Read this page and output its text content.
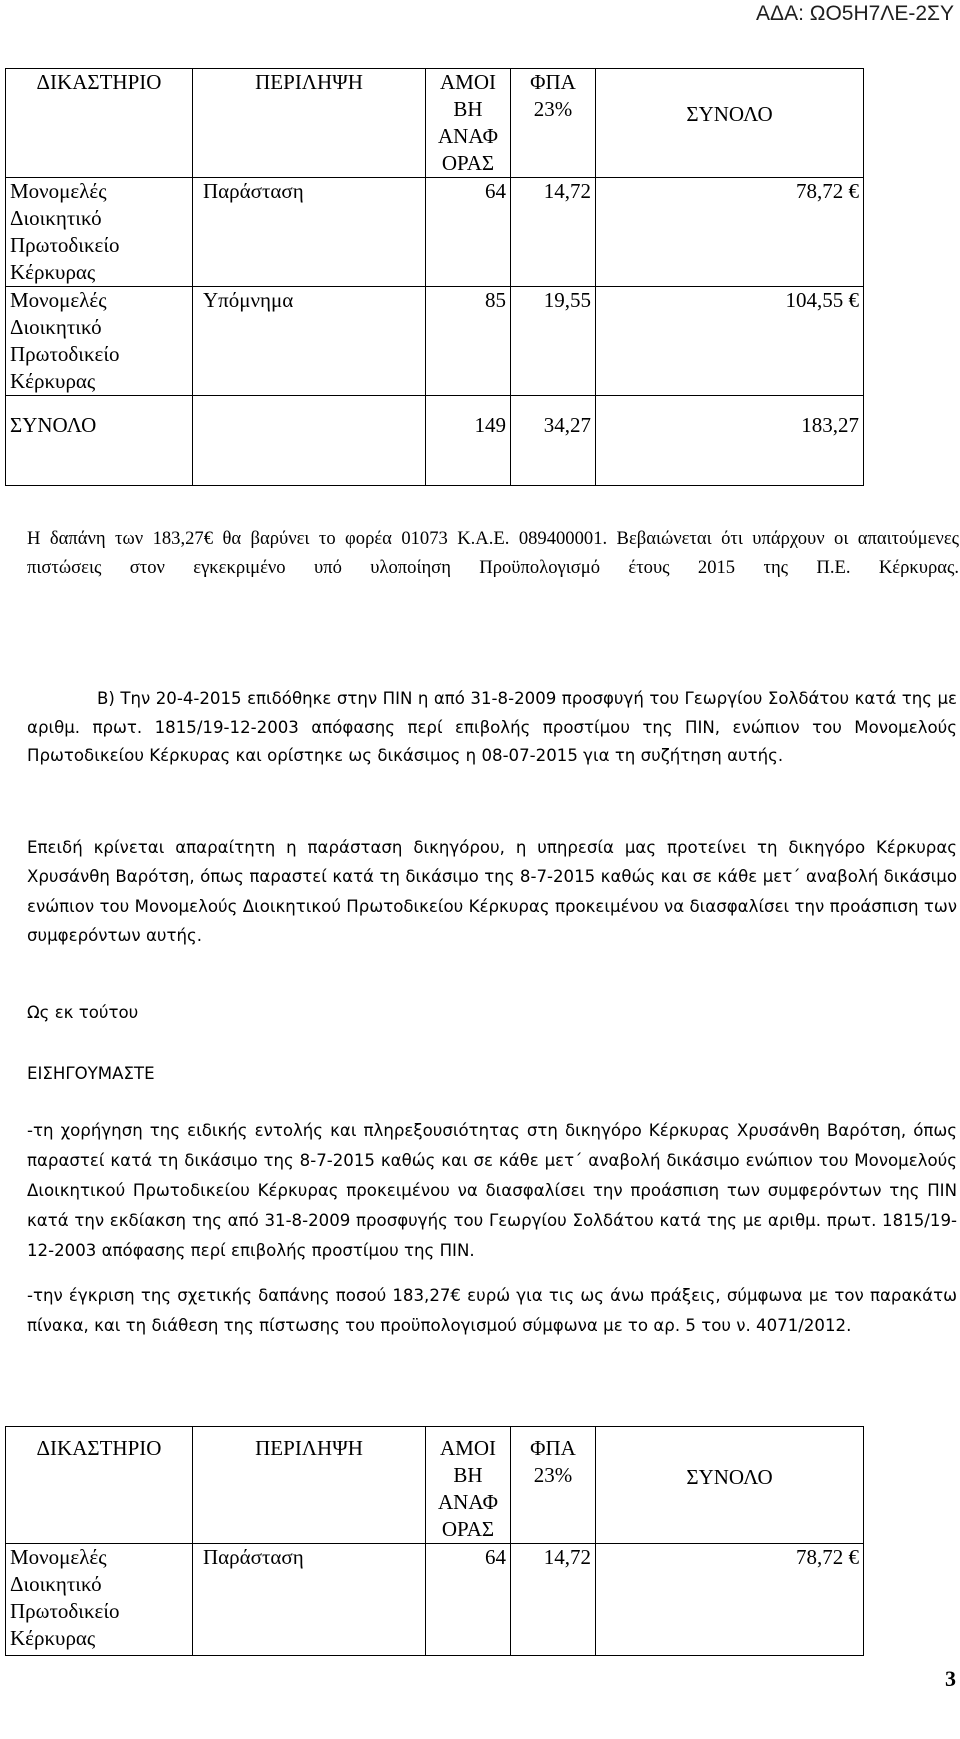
ΑΔΑ: ΩΟ5Η7ΛΕ-2ΣΥ
ΔΙΚΑΣΤΗΡΙΟ	ΠΕΡΙΛΗΨΗ	ΑΜΟΙ ΒΗ ΑΝΑΦ ΟΡΑΣ	ΦΠΑ 23%	ΣΥΝΟΛΟ
Μονομελές Διοικητικό Πρωτοδικείο Κέρκυρας	Παράσταση	64	14,72	78,72 €
Μονομελές Διοικητικό Πρωτοδικείο Κέρκυρας	Υπόμνημα	85	19,55	104,55 €
ΣΥΝΟΛΟ		149	34,27	183,27
Η δαπάνη των 183,27€ θα βαρύνει το φορέα 01073 Κ.Α.Ε. 089400001. Βεβαιώνεται ότι υπάρχουν οι απαιτούμενες πιστώσεις στον εγκεκριμένο υπό υλοποίηση Προϋπολογισμό έτους 2015 της Π.Ε. Κέρκυρας.
Β) Την 20-4-2015 επιδόθηκε στην ΠΙΝ η από 31-8-2009 προσφυγή του Γεωργίου Σολδάτου κατά της με αριθμ. πρωτ. 1815/19-12-2003 απόφασης περί επιβολής προστίμου της ΠΙΝ, ενώπιον του Μονομελούς Πρωτοδικείου Κέρκυρας και ορίστηκε ως δικάσιμος η 08-07-2015 για τη συζήτηση αυτής.
Επειδή κρίνεται απαραίτητη η παράσταση δικηγόρου, η υπηρεσία μας προτείνει τη δικηγόρο Κέρκυρας Χρυσάνθη Βαρότση, όπως παραστεί κατά τη δικάσιμο της 8-7-2015 καθώς και σε κάθε μετ΄ αναβολή δικάσιμο ενώπιον του Μονομελούς Διοικητικού Πρωτοδικείου Κέρκυρας προκειμένου να διασφαλίσει την προάσπιση των συμφερόντων αυτής.
Ως εκ τούτου
ΕΙΣΗΓΟΥΜΑΣΤΕ
-τη χορήγηση της ειδικής εντολής και πληρεξουσιότητας στη δικηγόρο Κέρκυρας Χρυσάνθη Βαρότση, όπως παραστεί κατά τη δικάσιμο της 8-7-2015 καθώς και σε κάθε μετ΄ αναβολή δικάσιμο ενώπιον του Μονομελούς Διοικητικού Πρωτοδικείου Κέρκυρας προκειμένου να διασφαλίσει την προάσπιση των συμφερόντων της ΠΙΝ κατά την εκδίακση της από 31-8-2009 προσφυγής του Γεωργίου Σολδάτου κατά της με αριθμ. πρωτ. 1815/19-12-2003 απόφασης περί επιβολής προστίμου της ΠΙΝ.
-την έγκριση της σχετικής δαπάνης ποσού 183,27€ ευρώ για τις ως άνω πράξεις, σύμφωνα με τον παρακάτω πίνακα, και τη διάθεση της πίστωσης του προϋπολογισμού σύμφωνα με το αρ. 5 του ν. 4071/2012.
ΔΙΚΑΣΤΗΡΙΟ	ΠΕΡΙΛΗΨΗ	ΑΜΟΙ ΒΗ ΑΝΑΦ ΟΡΑΣ	ΦΠΑ 23%	ΣΥΝΟΛΟ
Μονομελές Διοικητικό Πρωτοδικείο Κέρκυρας	Παράσταση	64	14,72	78,72 €
3
